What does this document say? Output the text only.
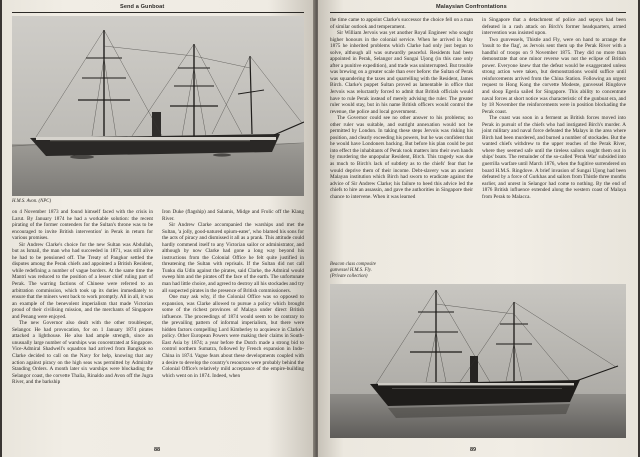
Send a Gunboat
H.M.S. Avon. (NPC)

on 4 November 1873 and found himself faced with the crisis in Larut. By January 1874 he had a workable solution: the recent pirating of the former contenders for the Sultan's throne was to be encouraged to invite British intervention' in Perak in return for various promises.

Sir Andrew Clarke's choice for the new Sultan was Abdullah, but as Ismail, the man who had succeeded in 1871, was still alive he had to be pensioned off. The Treaty of Pangkor settled the disputes among the Perak chiefs and appointed a British Resident, while redefining a number of vague borders. At the same time the Mantri was reduced to the position of a lesser chief ruling part of Perak. The warring factions of Chinese were referred to an arbitration commission, which took up its duties immediately to ensure that the miners went back to work promptly. All in all, it was an example of the benevolent imperialism that made Victorian proud of their civilising mission, and the merchants of Singapore and Penang were enjoyed.

The new Governor also dealt with the other troublespot, Selangor. He had provocation, for on 1 January 1874 pirates attacked a lighthouse. He also had ample strength, since an unusually large number of warships was concentrated at Singapore. Vice-Admiral Shadwell's squadron had arrived from Bangkok so Clarke decided to call on the Navy for help, knowing that any action against piracy on the high seas was permitted by Admiralty Standing Orders. A month later six warships were blockading the Selangor coast, the corvette Thalia, Rinaldo and Avon off the Jugra River, and the barkship

Iron Duke (flagship) and Salamis, Midge and Frolic off the Klang River.

Sir Andrew Clarke accompanied the warships and met the Sultan, 'a jolly, good-natured opium-eater', who blamed his sons for the acts of piracy and dismissed it all as a prank. This attitude could hardly commend itself to any Victorian sailor or administrator, and although by now Clarke had gone a long way beyond his instructions from the Colonial Office he felt quite justified in threatening the Sultan with reprisals. If the Sultan did not call Tunku dia Udin against the pirates, said Clarke, the Admiral would sweep him and the pirates off the face of the earth. The unfortunate man had little choice, and agreed to destroy all his stockades and try all suspected pirates in the presence of British commissioners.

One may ask why, if the Colonial Office was so opposed to expansion, was Clarke allowed to pursue a policy which brought some of the richest provinces of Malaya under direct British influence. The proceedings of 1874 would seem to be contrary to the prevailing pattern of informal imperialism, but there were hidden factors compelling Lord Kimberley to acquiesce in Clarke's policy. Other European Powers were making their claims in South-East Asia by 1874; a year before the Dutch made a strong bid to control northern Sumatra, followed by French expansion in Indo-China in 1874. Vague fears about these developments coupled with a desire to develop the country's resources were probably behind the Colonial Office's relatively mild acceptance of the empire-building which went on in 1874. Indeed, when

88
Malaysian Confrontations

the time came to appoint Clarke's successor the choice fell on a man of similar outlook and temperament.

Sir William Jervois was yet another Royal Engineer who sought higher honours in the colonial service. When he arrived in May 1875 he inherited problems which Clarke had only just begun to solve, although all was outwardly peaceful. Residents had been appointed in Perak, Selangor and Sungai Ujong (in this case only after a punitive expedition), and trade was uninterrupted. But trouble was brewing on a greater scale than ever before: the Sultan of Perak was squandering the taxes and quarrelling with the Resident, James Birch. Clarke's puppet Sultan proved as lamentable in office that Jervois was reluctantly forced to admit that British officials would have to rule Perak instead of merely advising the ruler. The greater ruler would stay, but in his name British officers would control the revenue, the police and local government.

The Governor could see no other answer to his problems; no other ruler was suitable, and outright annexation would not be permitted by London. In taking these steps Jervois was risking his position, and clearly exceeding his powers, but he was confident that he would have Londoners backing. But before his plan could be put into effect the inhabitants of Perak took matters into their own hands by murdering the unpopular Resident, Birch. This tragedy was due as much to Birch's lack of subtlety as to the chiefs' fear that he would deprive them of their income. Debt-slavery was an ancient Malayan institution which Birch had sworn to eradicate against the advice of Sir Andrew Clarke; his failure to heed this advice led the chiefs to hire an assassin, and gave the authorities in Singapore their chance to intervene. When it was learned

in Singapore that a detachment of police and sepoys had been defeated in a rash attack on Birch's former headquarters, armed intervention was insisted upon.

Two gunvessels, Thistle and Fly, were on hand to arrange the 'insult to the flag', as Jervois sent them up the Perak River with a handful of troops on 9 November 1875. They did no more than demonstrate that one minor reverse was not the eclipse of British power. Everyone knew that the defeat would be exaggerated unless strong action were taken, but demonstrations would suffice until reinforcements arrived from the China Station. Following an urgent request to Hong Kong the corvette Modeste, gunvessel Ringdove and sloop Egeria sailed for Singapore. This ability to concentrate naval forces at short notice was characteristic of the gunboat era, and by 18 November the reinforcements were in position blockading the Perak coast.

The coast was soon in a ferment as British forces moved into Perak in pursuit of the chiefs who had instigated Birch's murder. A joint military and naval force defeated the Malays in the area where Birch had been murdered, and burned a number of stockades. But the wanted chiefs withdrew to the upper reaches of the Perak River, where they seemed safe until the tireless sailors sought them out in ships' boats. The remainder of the so-called 'Perak War' subsided into guerrilla warfare until March 1876, when the fugitive surrendered on board H.M.S. Ringdove. A brief invasion of Sungai Ujong had been defeated by a force of Gurkhas and sailors from Thistle three months earlier, and unrest in Selangor had come to nothing. By the end of 1876 British influence extended along the western coast of Malaya from Perak to Malacca.

Beacon class composite
gunvessel H.M.S. Fly.
(Private collection)
89
